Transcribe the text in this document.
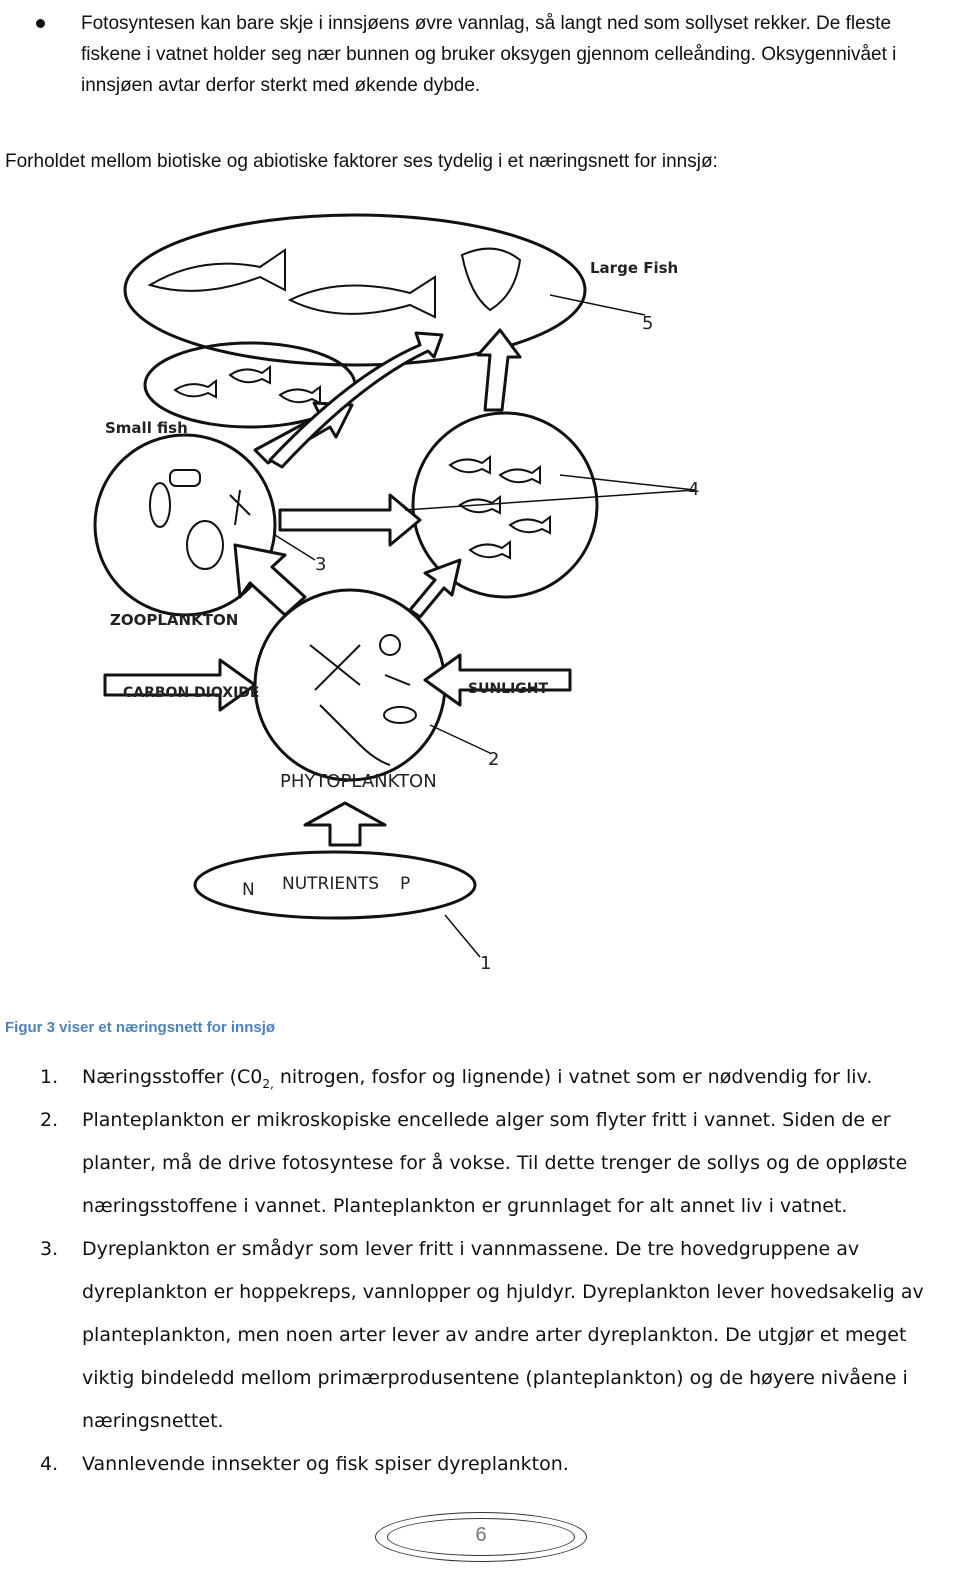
Fotosyntesen kan bare skje i innsjøens øvre vannlag, så langt ned som sollyset rekker. De fleste fiskene i vatnet holder seg nær bunnen og bruker oksygen gjennom celleånding. Oksygennivået i innsjøen avtar derfor sterkt med økende dybde.
Forholdet mellom biotiske og abiotiske faktorer ses tydelig i et næringsnett for innsjø:
Large Fish
Small fish
ZOOPLANKTON
CARBON DIOXIDE	SUNLIGHT
PHYTOPLANKTON
N NUTRIENTS P
5
4
3
2
1
Figur 3 viser et næringsnett for innsjø
1. Næringsstoffer ($C0_{2,}$ nitrogen, fosfor og lignende) i vatnet som er nødvendig for liv.
2. Planteplankton er mikroskopiske encellede alger som flyter fritt i vannet. Siden de er planter, må de drive fotosyntese for å vokse. Til dette trenger de sollys og de oppløste næringsstoffene i vannet. Planteplankton er grunnlaget for alt annet liv i vatnet.
3. Dyreplankton er smådyr som lever fritt i vannmassene. De tre hovedgruppene av dyreplankton er hoppekreps, vannlopper og hjuldyr. Dyreplankton lever hovedsakelig av planteplankton, men noen arter lever av andre arter dyreplankton. De utgjør et meget viktig bindeledd mellom primærprodusentene (planteplankton) og de høyere nivåene i næringsnettet.
4. Vannlevende innsekter og fisk spiser dyreplankton.
6
